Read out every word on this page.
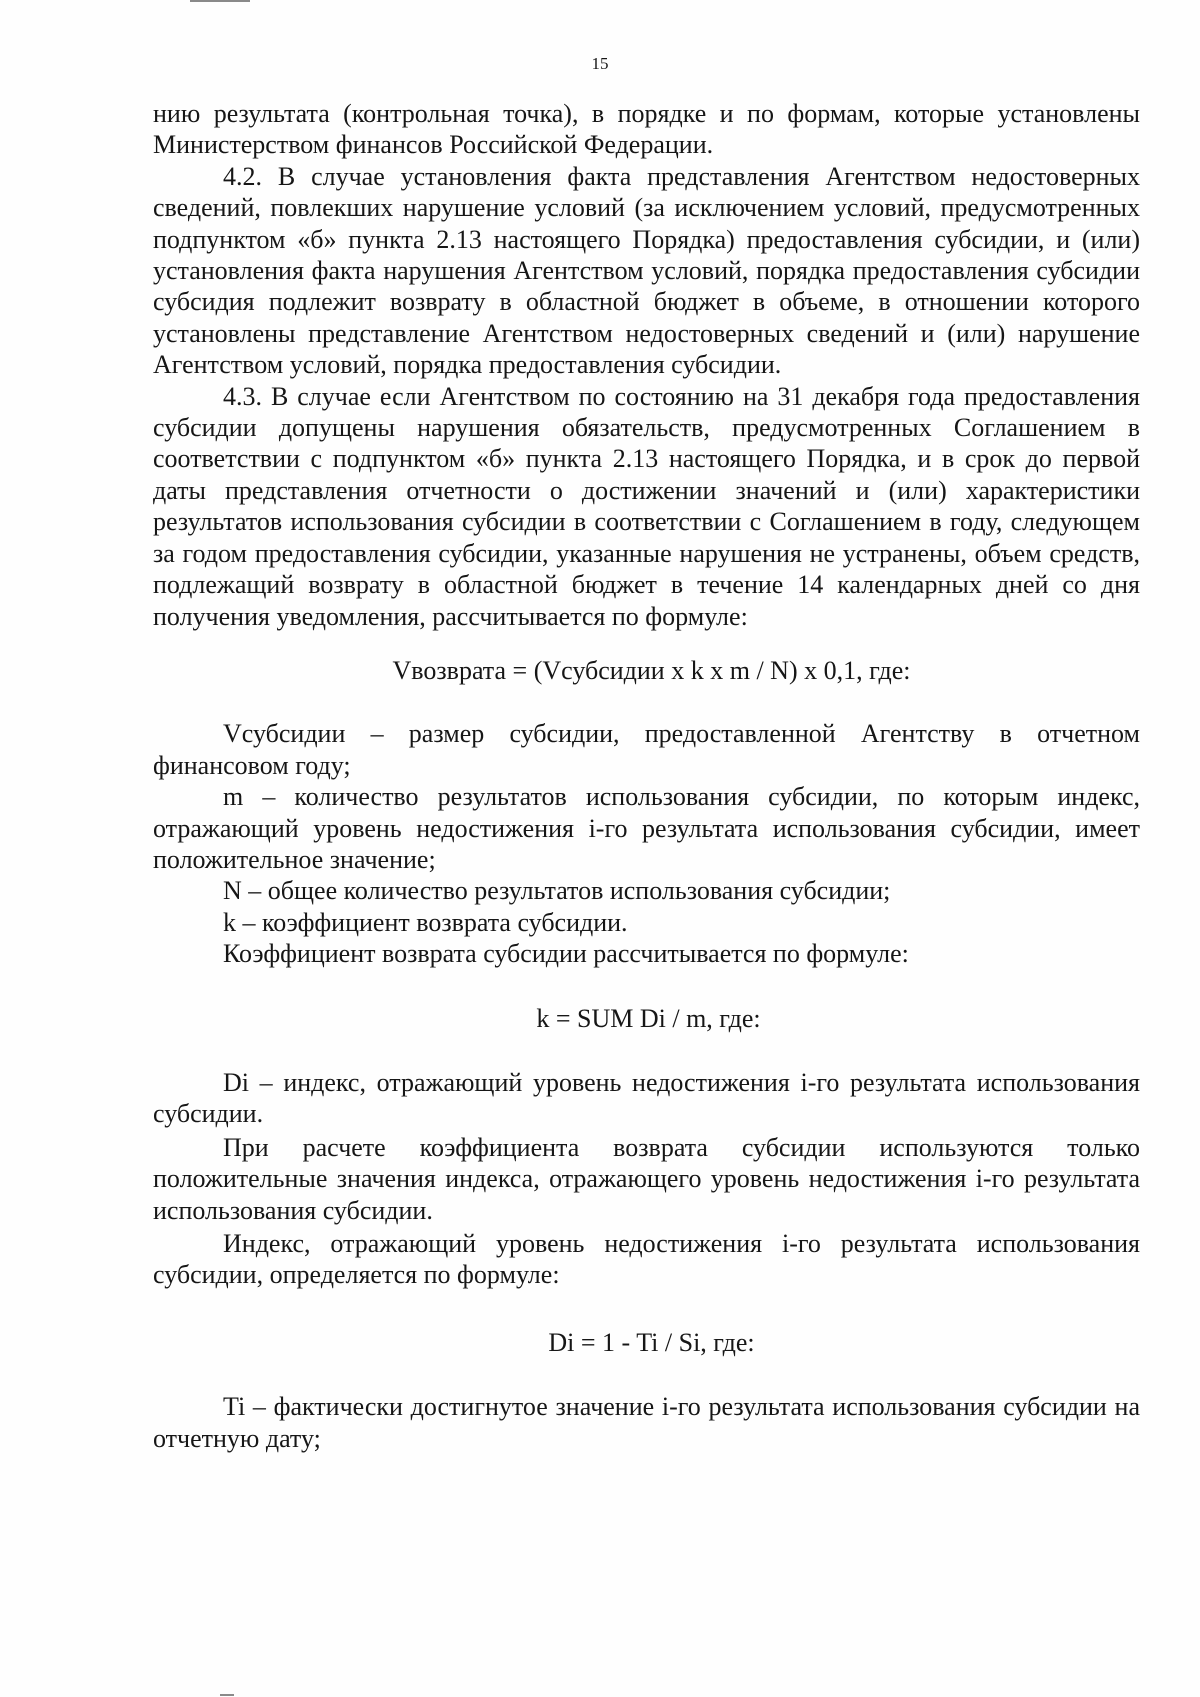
15

нию результата (контрольная точка), в порядке и по формам, которые установлены Министерством финансов Российской Федерации.

4.2. В случае установления факта представления Агентством недостоверных сведений, повлекших нарушение условий (за исключением условий, предусмотренных подпунктом «б» пункта 2.13 настоящего Порядка) предоставления субсидии, и (или) установления факта нарушения Агентством условий, порядка предоставления субсидии субсидия подлежит возврату в областной бюджет в объеме, в отношении которого установлены представление Агентством недостоверных сведений и (или) нарушение Агентством условий, порядка предоставления субсидии.

4.3. В случае если Агентством по состоянию на 31 декабря года предоставления субсидии допущены нарушения обязательств, предусмотренных Соглашением в соответствии с подпунктом «б» пункта 2.13 настоящего Порядка, и в срок до первой даты представления отчетности о достижении значений и (или) характеристики результатов использования субсидии в соответствии с Соглашением в году, следующем за годом предоставления субсидии, указанные нарушения не устранены, объем средств, подлежащий возврату в областной бюджет в течение 14 календарных дней со дня получения уведомления, рассчитывается по формуле:

Vвозврата = (Vсубсидии x k x m / N) x 0,1, где:

Vсубсидии – размер субсидии, предоставленной Агентству в отчетном финансовом году;

m – количество результатов использования субсидии, по которым индекс, отражающий уровень недостижения i-го результата использования субсидии, имеет положительное значение;

N – общее количество результатов использования субсидии;

k – коэффициент возврата субсидии.

Коэффициент возврата субсидии рассчитывается по формуле:

k = SUM Di / m, где:

Di – индекс, отражающий уровень недостижения i-го результата использования субсидии.

При расчете коэффициента возврата субсидии используются только положительные значения индекса, отражающего уровень недостижения i-го результата использования субсидии.

Индекс, отражающий уровень недостижения i-го результата использования субсидии, определяется по формуле:

Di = 1 - Ti / Si, где:

Ti – фактически достигнутое значение i-го результата использования субсидии на отчетную дату;
